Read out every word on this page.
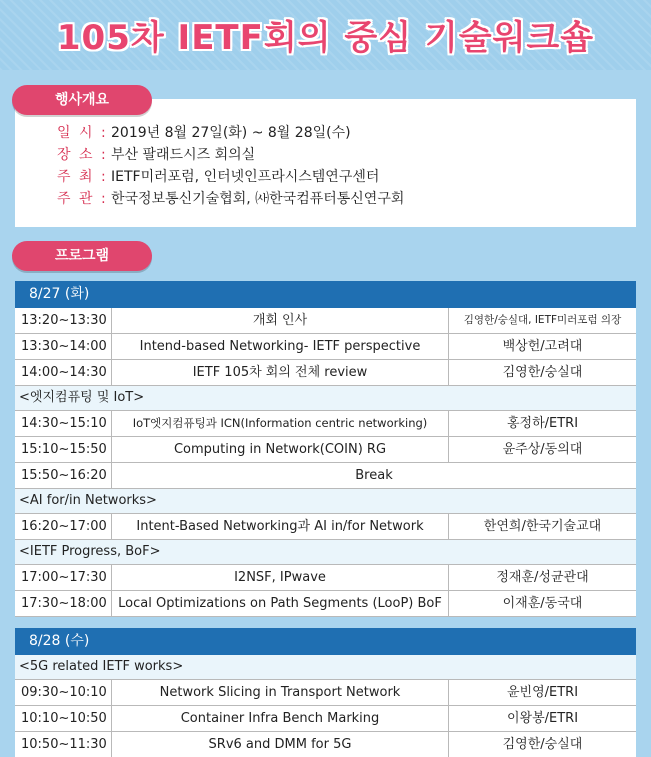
105차 IETF회의 중심 기술워크숍
일 시 : 2019년 8월 27일(화) ~ 8월 28일(수)
장 소 : 부산 팔래드시즈 회의실
주 최 : IETF미러포럼, 인터넷인프라시스템연구센터
주 관 : 한국정보통신기술협회, ㈔한국컴퓨터통신연구회
행사개요
프로그램
8/27 (화)
13:20~13:30	개회 인사	김영한/숭실대, IETF미러포럼 의장
13:30~14:00	Intend-based Networking- IETF perspective	백상헌/고려대
14:00~14:30	IETF 105차 회의 전체 review	김영한/숭실대
<엣지컴퓨팅 및 IoT>
14:30~15:10	IoT엣지컴퓨팅과 ICN(Information centric networking)	홍정하/ETRI
15:10~15:50	Computing in Network(COIN) RG	윤주상/동의대
15:50~16:20	Break
<AI for/in Networks>
16:20~17:00	Intent-Based Networking과 AI in/for Network	한연희/한국기술교대
<IETF Progress, BoF>
17:00~17:30	I2NSF, IPwave	정재훈/성균관대
17:30~18:00 Local Optimizations on Path Segments (LooP) BoF	이재훈/동국대
8/28 (수)
<5G related IETF works>
09:30~10:10	Network Slicing in Transport Network	윤빈영/ETRI
10:10~10:50	Container Infra Bench Marking	이왕봉/ETRI
10:50~11:30	SRv6 and DMM for 5G	김영한/숭실대
